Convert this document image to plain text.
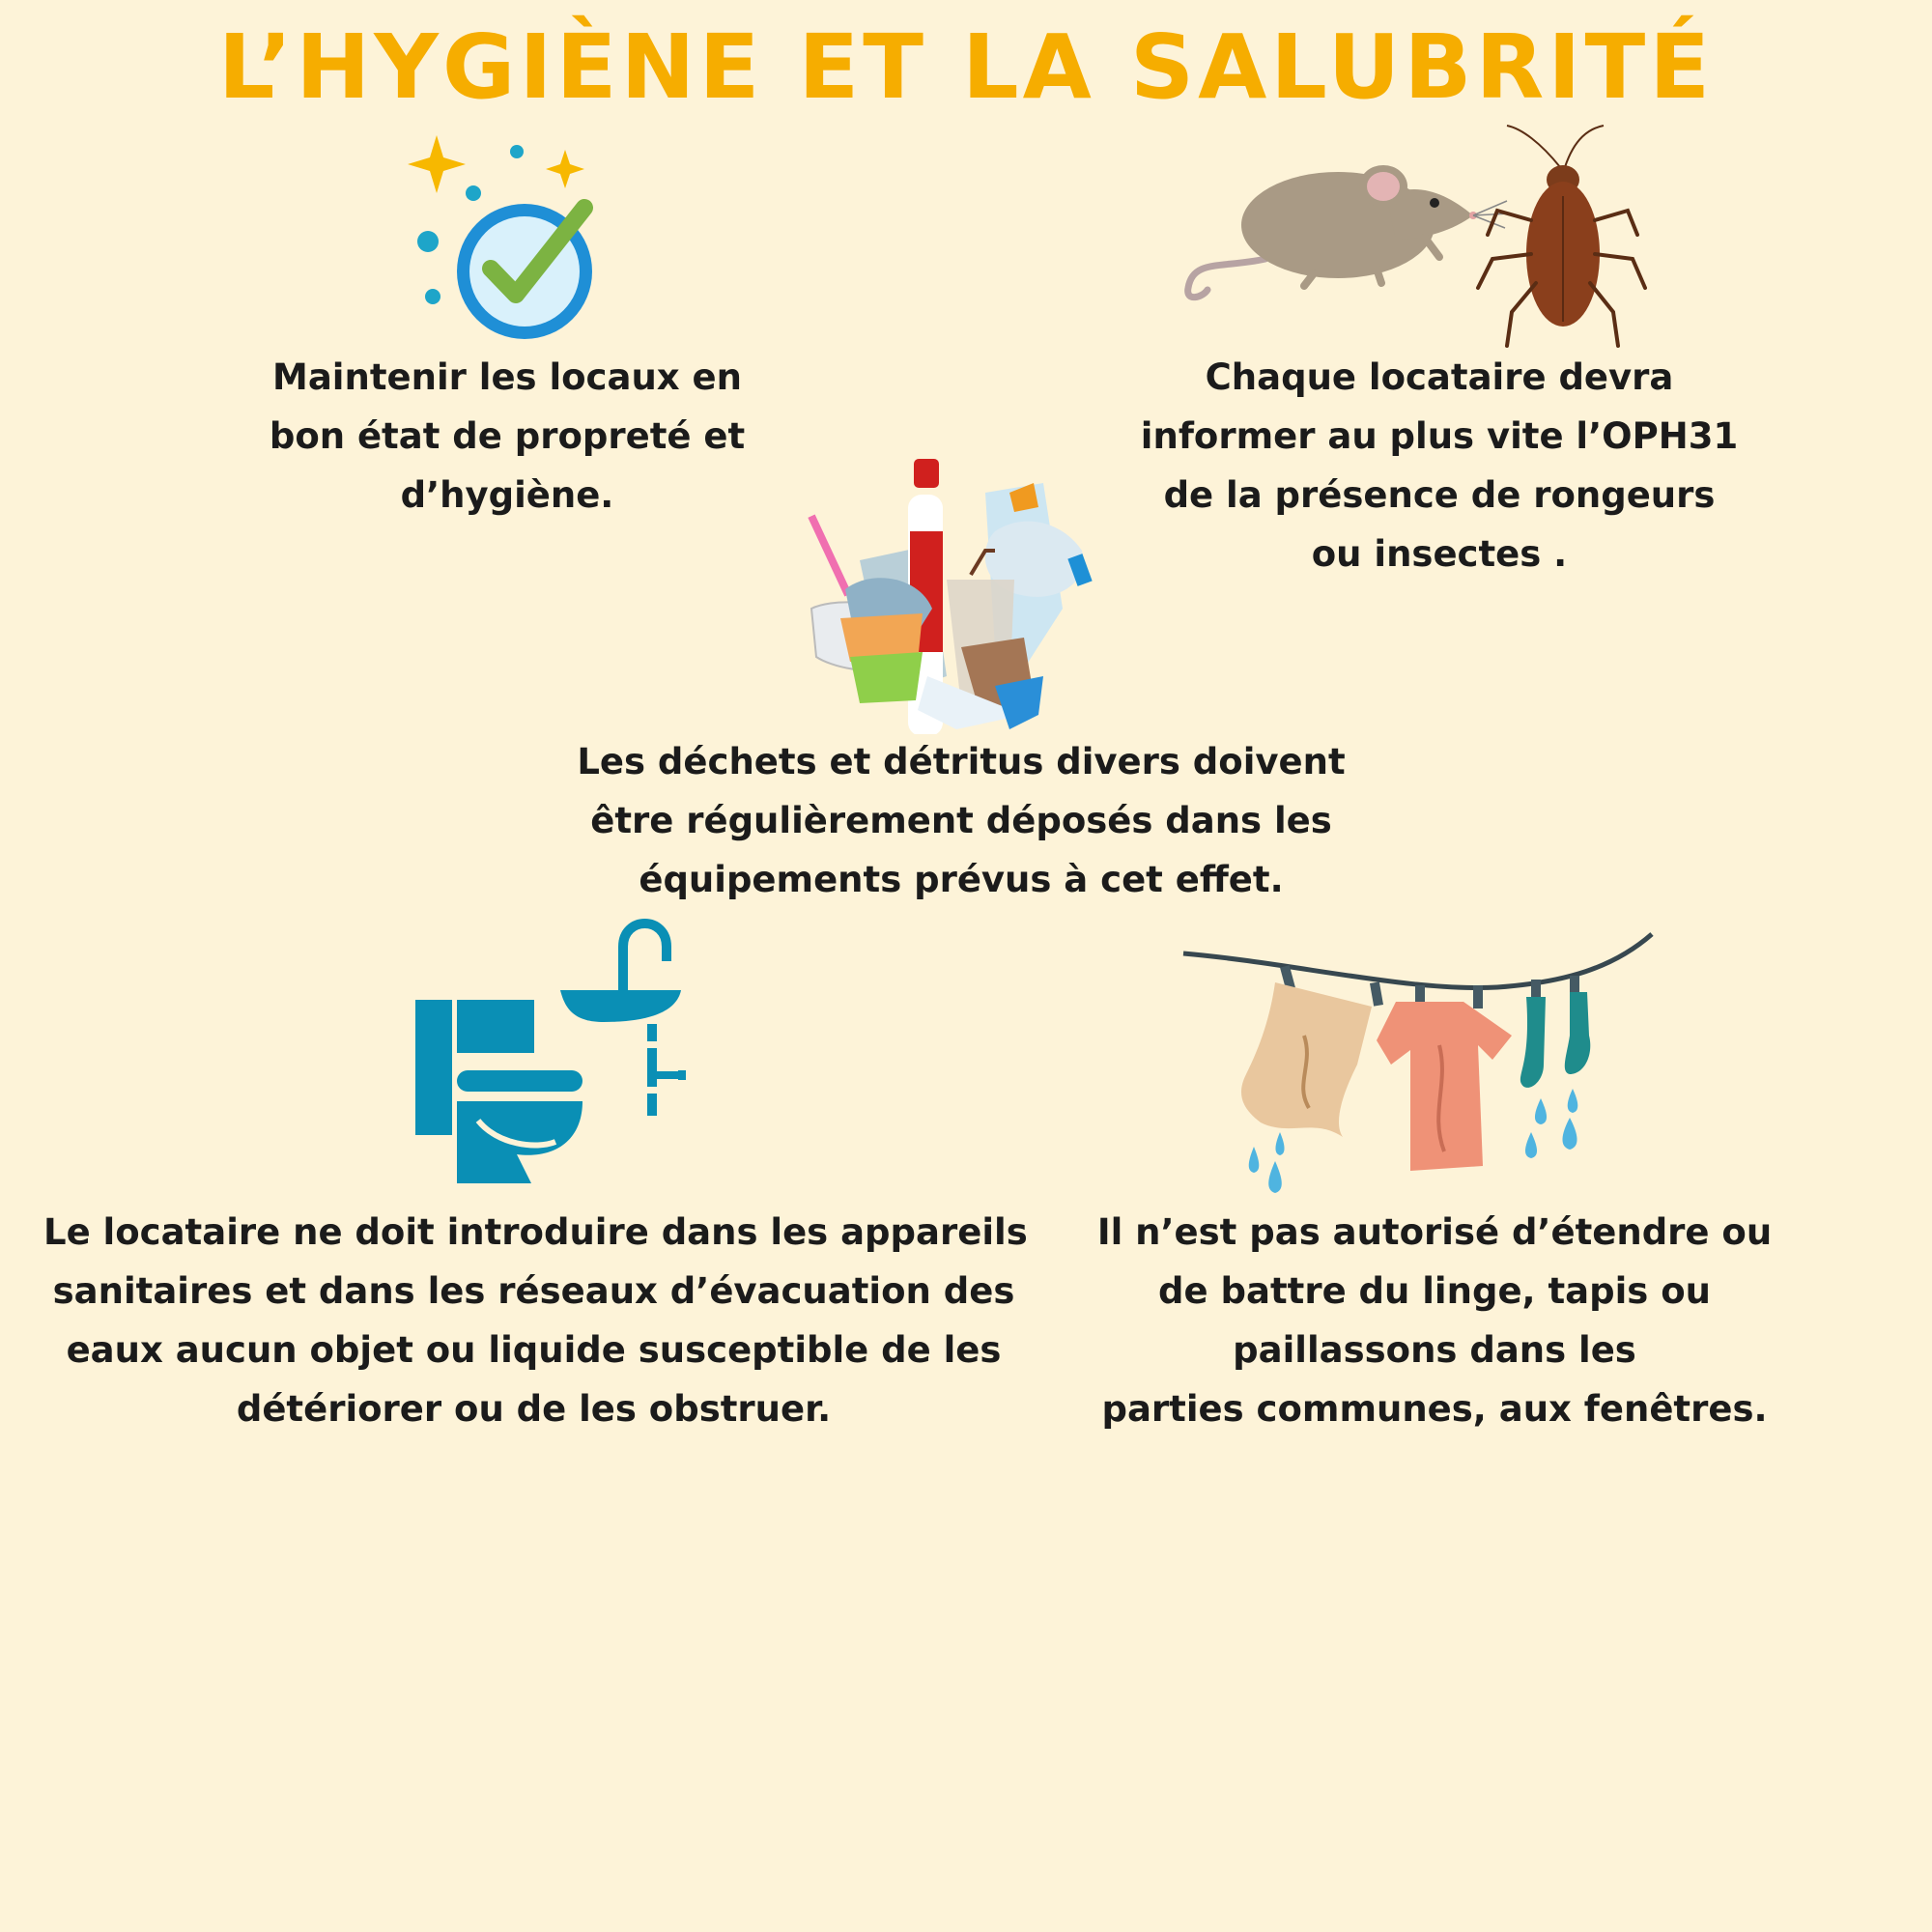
L’HYGIÈNE ET LA SALUBRITÉ
Maintenir les locaux en
bon état de propreté et
d’hygiène.
Chaque locataire devra
informer au plus vite l’OPH31
de la présence de rongeurs
ou insectes .
Les déchets et détritus divers doivent
être régulièrement déposés dans les
équipements prévus à cet effet.
Le locataire ne doit introduire dans les appareils
sanitaires et dans les réseaux d’évacuation des
eaux aucun objet ou liquide susceptible de les
détériorer ou de les obstruer.
Il n’est pas autorisé d’étendre ou
de battre du linge, tapis ou
paillassons dans les
parties communes, aux fenêtres.
